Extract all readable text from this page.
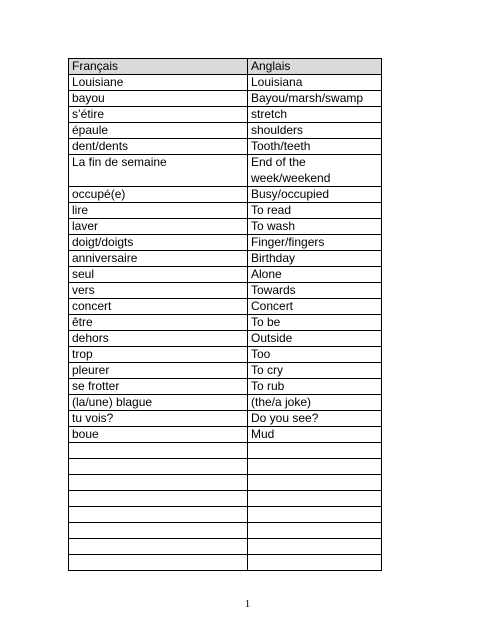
Français	Anglais
Louisiane	Louisiana
bayou	Bayou/marsh/swamp
s’étire	stretch
épaule	shoulders
dent/dents	Tooth/teeth
La fin de semaine	End of the week/weekend
occupé(e)	Busy/occupied
lire	To read
laver	To wash
doigt/doigts	Finger/fingers
anniversaire	Birthday
seul	Alone
vers	Towards
concert	Concert
être	To be
dehors	Outside
trop	Too
pleurer	To cry
se frotter	To rub
(la/une) blague	(the/a joke)
tu vois?	Do you see?
boue	Mud

1
